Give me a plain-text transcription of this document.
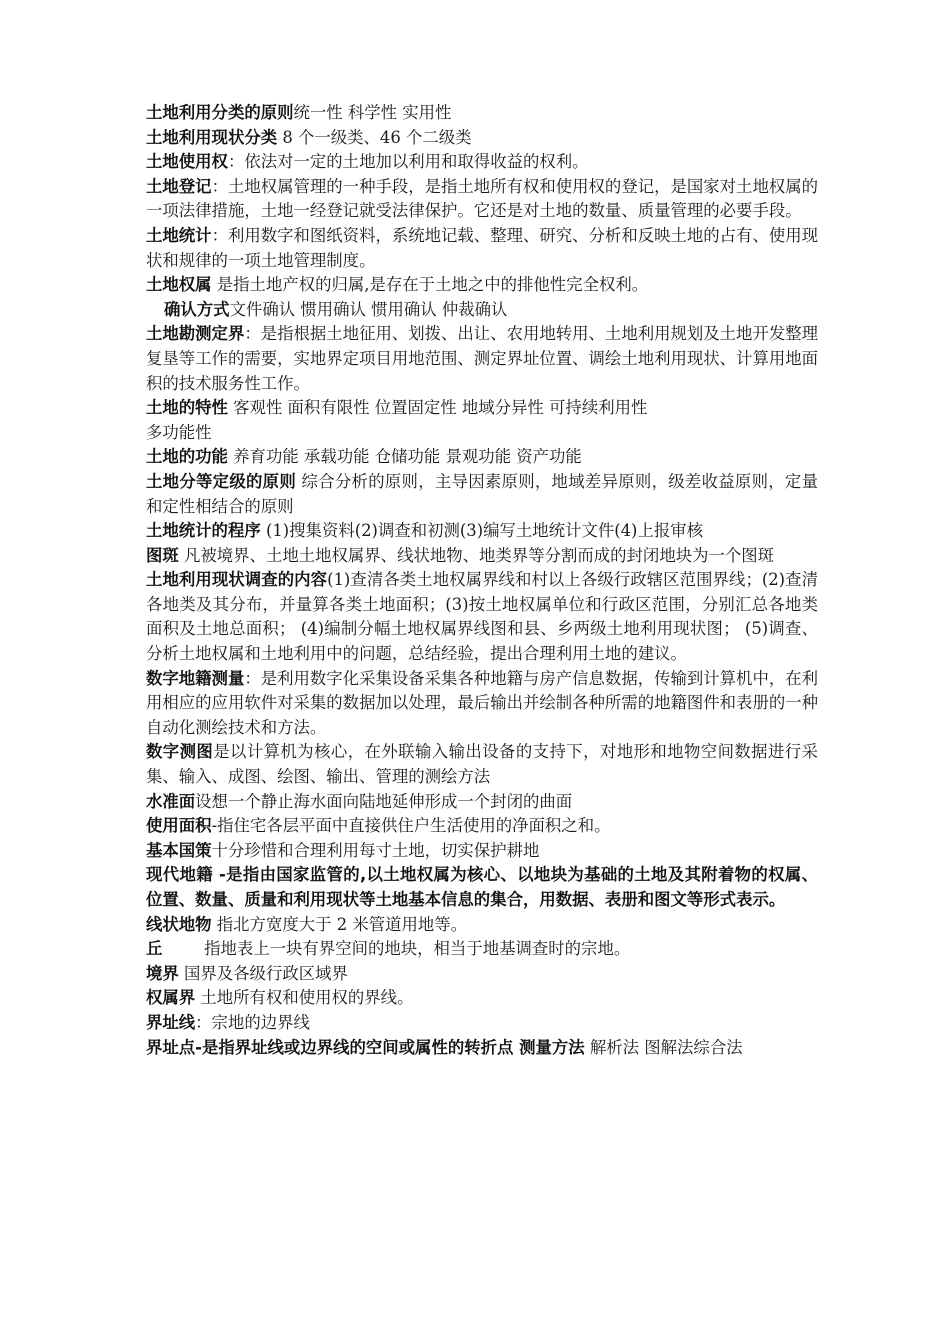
土地利用分类的原则统一性 科学性 实用性

土地利用现状分类 8 个一级类、46 个二级类

土地使用权：依法对一定的土地加以利用和取得收益的权利。

土地登记：土地权属管理的一种手段，是指土地所有权和使用权的登记，是国家对土地权属的一项法律措施，土地一经登记就受法律保护。它还是对土地的数量、质量管理的必要手段。

土地统计：利用数字和图纸资料，系统地记载、整理、研究、分析和反映土地的占有、使用现状和规律的一项土地管理制度。

土地权属 是指土地产权的归属,是存在于土地之中的排他性完全权利。

确认方式文件确认 惯用确认 惯用确认 仲裁确认

土地勘测定界：是指根据土地征用、划拨、出让、农用地转用、土地利用规划及土地开发整理复垦等工作的需要，实地界定项目用地范围、测定界址位置、调绘土地利用现状、计算用地面积的技术服务性工作。

土地的特性 客观性 面积有限性 位置固定性 地域分异性 可持续利用性

多功能性

土地的功能 养育功能 承载功能 仓储功能 景观功能 资产功能

土地分等定级的原则 综合分析的原则，主导因素原则，地域差异原则，级差收益原则，定量和定性相结合的原则

土地统计的程序 (1)搜集资料(2)调查和初测(3)编写土地统计文件(4)上报审核

图斑 凡被境界、土地土地权属界、线状地物、地类界等分割而成的封闭地块为一个图斑

土地利用现状调查的内容(1)查清各类土地权属界线和村以上各级行政辖区范围界线；(2)查清各地类及其分布，并量算各类土地面积；(3)按土地权属单位和行政区范围，分别汇总各地类面积及土地总面积； (4)编制分幅土地权属界线图和县、乡两级土地利用现状图； (5)调查、分析土地权属和土地利用中的问题，总结经验，提出合理利用土地的建议。

数字地籍测量：是利用数字化采集设备采集各种地籍与房产信息数据，传输到计算机中，在利用相应的应用软件对采集的数据加以处理，最后输出并绘制各种所需的地籍图件和表册的一种自动化测绘技术和方法。

数字测图是以计算机为核心，在外联输入输出设备的支持下，对地形和地物空间数据进行采集、输入、成图、绘图、输出、管理的测绘方法

水准面设想一个静止海水面向陆地延伸形成一个封闭的曲面

使用面积-指住宅各层平面中直接供住户生活使用的净面积之和。

基本国策十分珍惜和合理利用每寸土地，切实保护耕地

现代地籍 -是指由国家监管的,以土地权属为核心、以地块为基础的土地及其附着物的权属、位置、数量、质量和利用现状等土地基本信息的集合，用数据、表册和图文等形式表示。

线状地物 指北方宽度大于 2 米管道用地等。

丘        指地表上一块有界空间的地块，相当于地基调查时的宗地。

境界 国界及各级行政区域界

权属界 土地所有权和使用权的界线。

界址线：宗地的边界线

界址点-是指界址线或边界线的空间或属性的转折点 测量方法 解析法 图解法综合法
